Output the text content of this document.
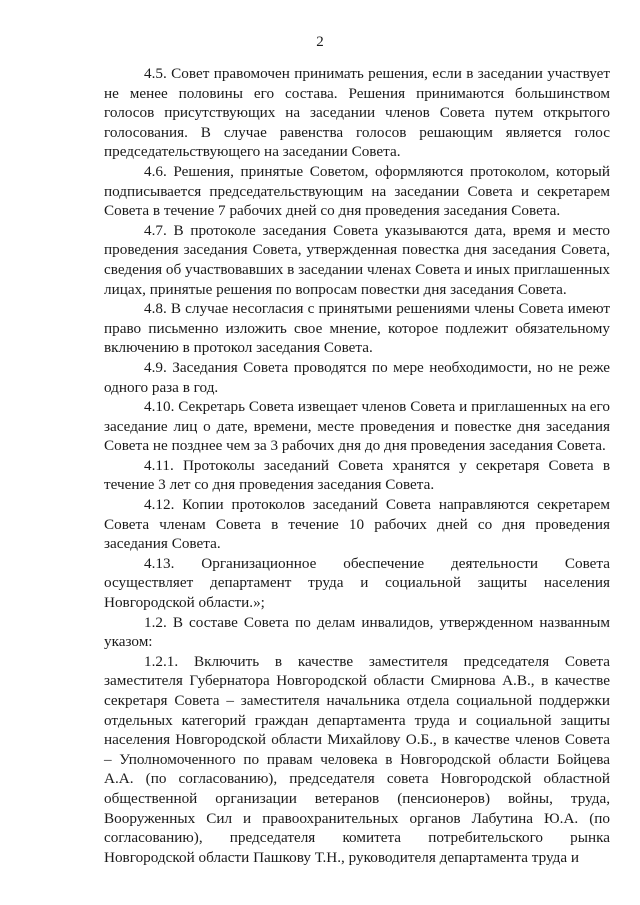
2

4.5. Совет правомочен принимать решения, если в заседании участвует не менее половины его состава. Решения принимаются большинством голосов присутствующих на заседании членов Совета путем открытого голосования. В случае равенства голосов решающим является голос председательствующего на заседании Совета.

4.6. Решения, принятые Советом, оформляются протоколом, который подписывается председательствующим на заседании Совета и секретарем Совета в течение 7 рабочих дней со дня проведения заседания Совета.

4.7. В протоколе заседания Совета указываются дата, время и место проведения заседания Совета, утвержденная повестка дня заседания Совета, сведения об участвовавших в заседании членах Совета и иных приглашенных лицах, принятые решения по вопросам повестки дня заседания Совета.

4.8. В случае несогласия с принятыми решениями члены Совета имеют право письменно изложить свое мнение, которое подлежит обязательному включению в протокол заседания Совета.

4.9. Заседания Совета проводятся по мере необходимости, но не реже одного раза в год.

4.10. Секретарь Совета извещает членов Совета и приглашенных на его заседание лиц о дате, времени, месте проведения и повестке дня заседания Совета не позднее чем за 3 рабочих дня до дня проведения заседания Совета.

4.11. Протоколы заседаний Совета хранятся у секретаря Совета в течение 3 лет со дня проведения заседания Совета.

4.12. Копии протоколов заседаний Совета направляются секретарем Совета членам Совета в течение 10 рабочих дней со дня проведения заседания Совета.

4.13. Организационное обеспечение деятельности Совета осуществляет департамент труда и социальной защиты населения Новгородской области.»;

1.2. В составе Совета по делам инвалидов, утвержденном названным указом:

1.2.1. Включить в качестве заместителя председателя Совета заместителя Губернатора Новгородской области Смирнова А.В., в качестве секретаря Совета – заместителя начальника отдела социальной поддержки отдельных категорий граждан департамента труда и социальной защиты населения Новгородской области Михайлову О.Б., в качестве членов Совета – Уполномоченного по правам человека в Новгородской области Бойцева А.А. (по согласованию), председателя совета Новгородской областной общественной организации ветеранов (пенсионеров) войны, труда, Вооруженных Сил и правоохранительных органов Лабутина Ю.А. (по согласованию), председателя комитета потребительского рынка Новгородской области Пашкову Т.Н., руководителя департамента труда и
